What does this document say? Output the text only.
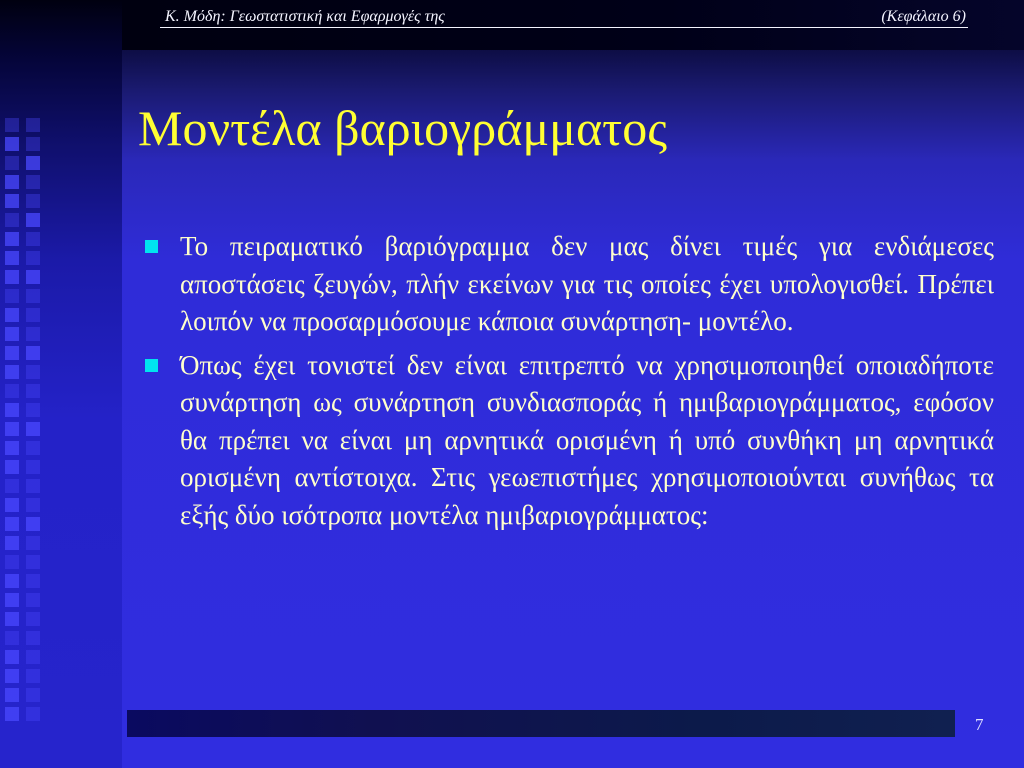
Κ. Μόδη: Γεωστατιστική και Εφαρμογές της	(Κεφάλαιο 6)
Μοντέλα βαριογράμματος
Το πειραματικό βαριόγραμμα δεν μας δίνει τιμές για ενδιάμεσες αποστάσεις ζευγών, πλήν εκείνων για τις οποίες έχει υπολογισθεί. Πρέπει λοιπόν να προσαρμόσουμε κάποια συνάρτηση- μοντέλο.
Όπως έχει τονιστεί δεν είναι επιτρεπτό να χρησιμοποιηθεί οποιαδήποτε συνάρτηση ως συνάρτηση συνδιασποράς ή ημιβαριογράμματος, εφόσον θα πρέπει να είναι μη αρνητικά ορισμένη ή υπό συνθήκη μη αρνητικά ορισμένη αντίστοιχα. Στις γεωεπιστήμες χρησιμοποιούνται συνήθως τα εξής δύο ισότροπα μοντέλα ημιβαριογράμματος:
7
